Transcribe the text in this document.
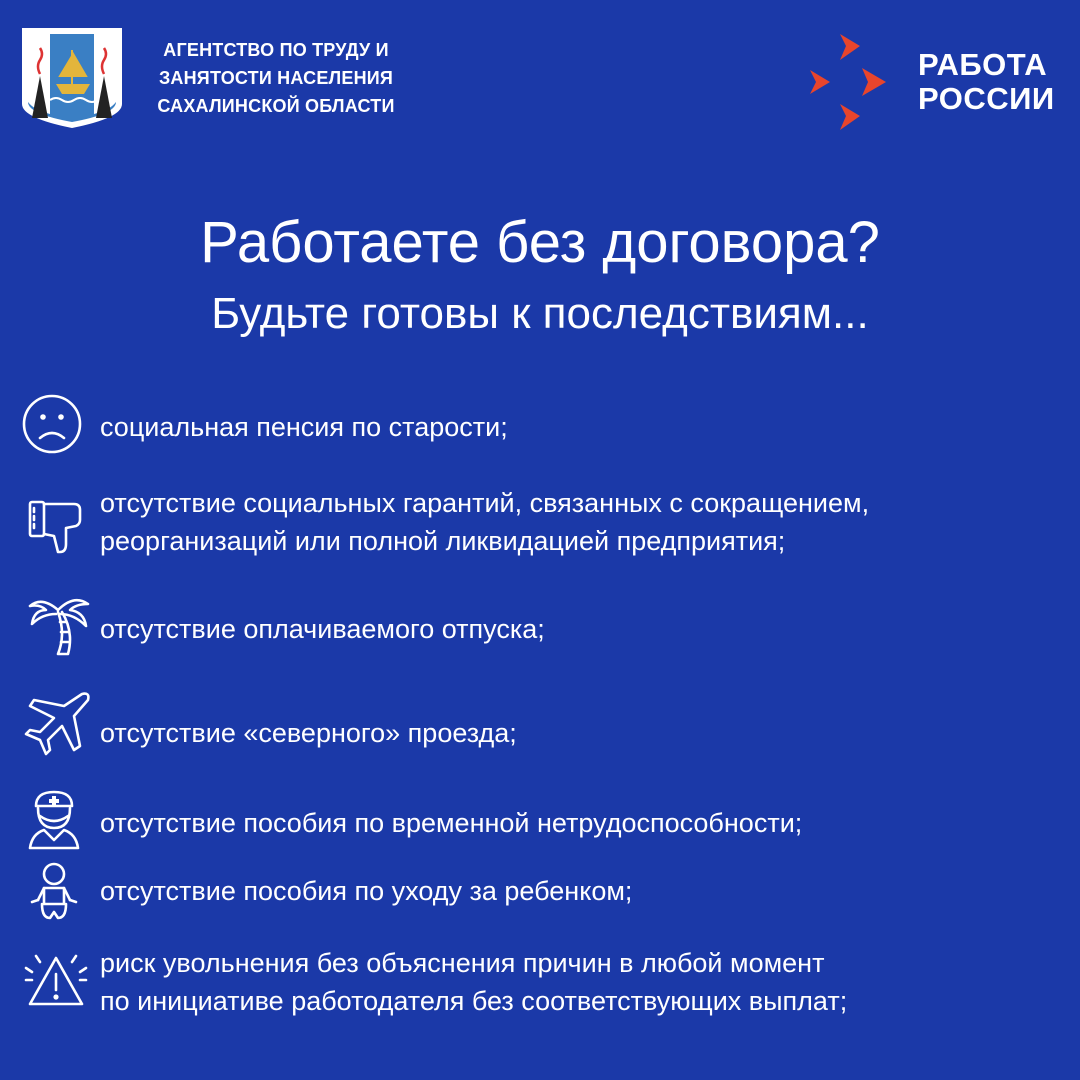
АГЕНТСТВО ПО ТРУДУ И
ЗАНЯТОСТИ НАСЕЛЕНИЯ
САХАЛИНСКОЙ ОБЛАСТИ
РАБОТА
РОССИИ
Работаете без договора?
Будьте готовы к последствиям...
социальная пенсия по старости;
отсутствие социальных гарантий, связанных с сокращением,
реорганизаций или полной ликвидацией предприятия;
отсутствие оплачиваемого отпуска;
отсутствие «северного» проезда;
отсутствие пособия по временной нетрудоспособности;
отсутствие пособия по уходу за ребенком;
риск увольнения без объяснения причин в любой момент
по инициативе работодателя без соответствующих выплат;
